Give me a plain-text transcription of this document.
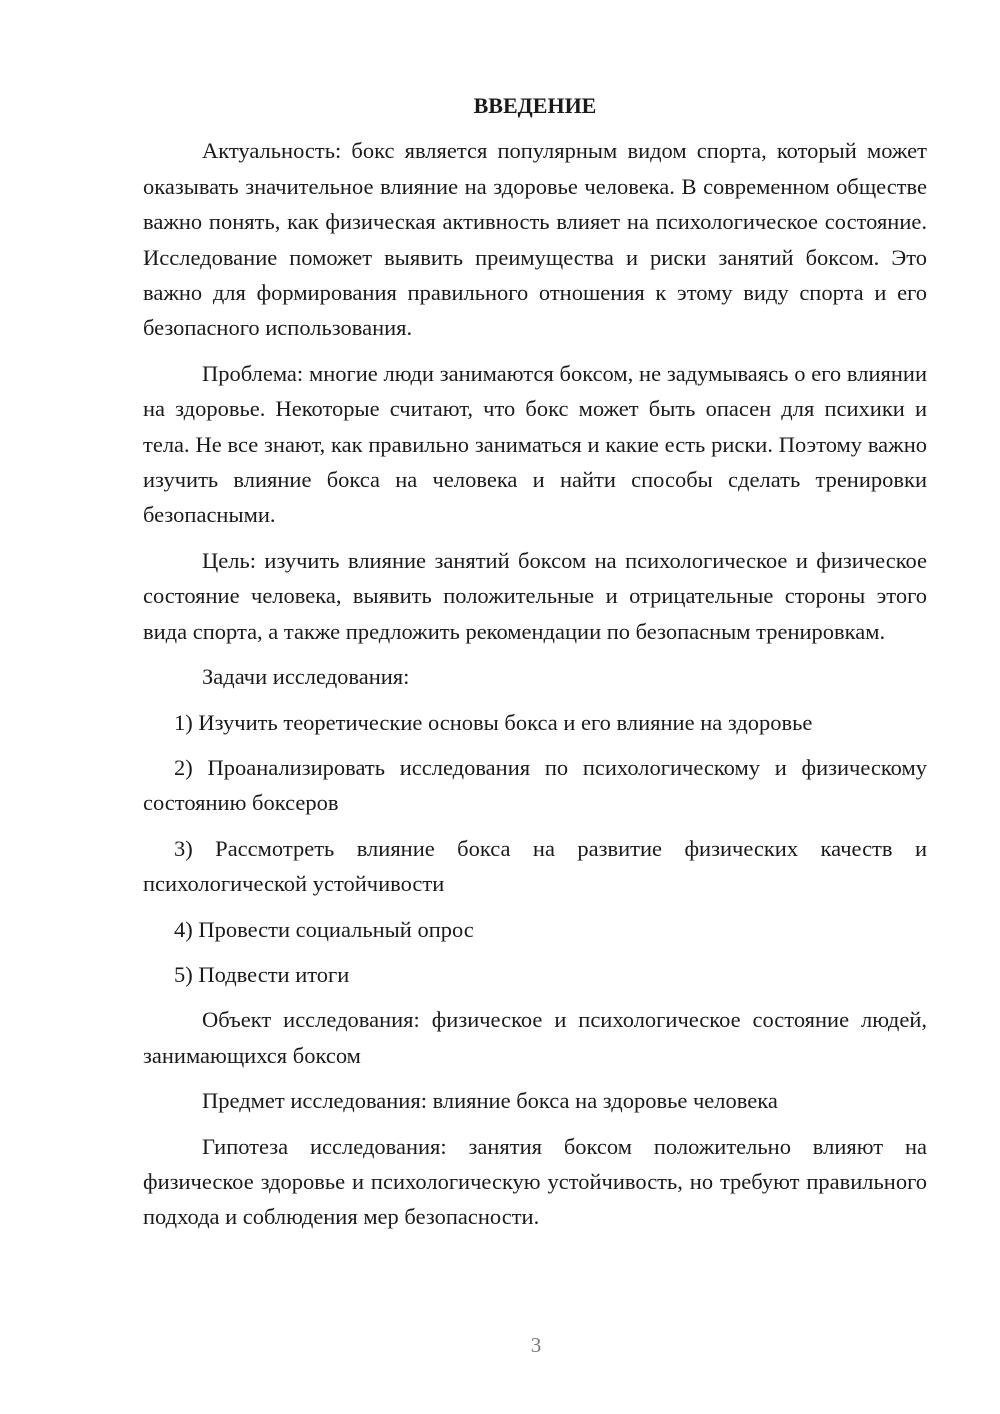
ВВЕДЕНИЕ

Актуальность: бокс является популярным видом спорта, который может оказывать значительное влияние на здоровье человека. В современном обществе важно понять, как физическая активность влияет на психологическое состояние. Исследование поможет выявить преимущества и риски занятий боксом. Это важно для формирования правильного отношения к этому виду спорта и его безопасного использования.

Проблема: многие люди занимаются боксом, не задумываясь о его влиянии на здоровье. Некоторые считают, что бокс может быть опасен для психики и тела. Не все знают, как правильно заниматься и какие есть риски. Поэтому важно изучить влияние бокса на человека и найти способы сделать тренировки безопасными.

Цель: изучить влияние занятий боксом на психологическое и физическое состояние человека, выявить положительные и отрицательные стороны этого вида спорта, а также предложить рекомендации по безопасным тренировкам.

Задачи исследования:

1) Изучить теоретические основы бокса и его влияние на здоровье

2) Проанализировать исследования по психологическому и физическому состоянию боксеров

3) Рассмотреть влияние бокса на развитие физических качеств и психологической устойчивости

4) Провести социальный опрос

5) Подвести итоги

Объект исследования: физическое и психологическое состояние людей, занимающихся боксом

Предмет исследования: влияние бокса на здоровье человека

Гипотеза исследования: занятия боксом положительно влияют на физическое здоровье и психологическую устойчивость, но требуют правильного подхода и соблюдения мер безопасности.

3
